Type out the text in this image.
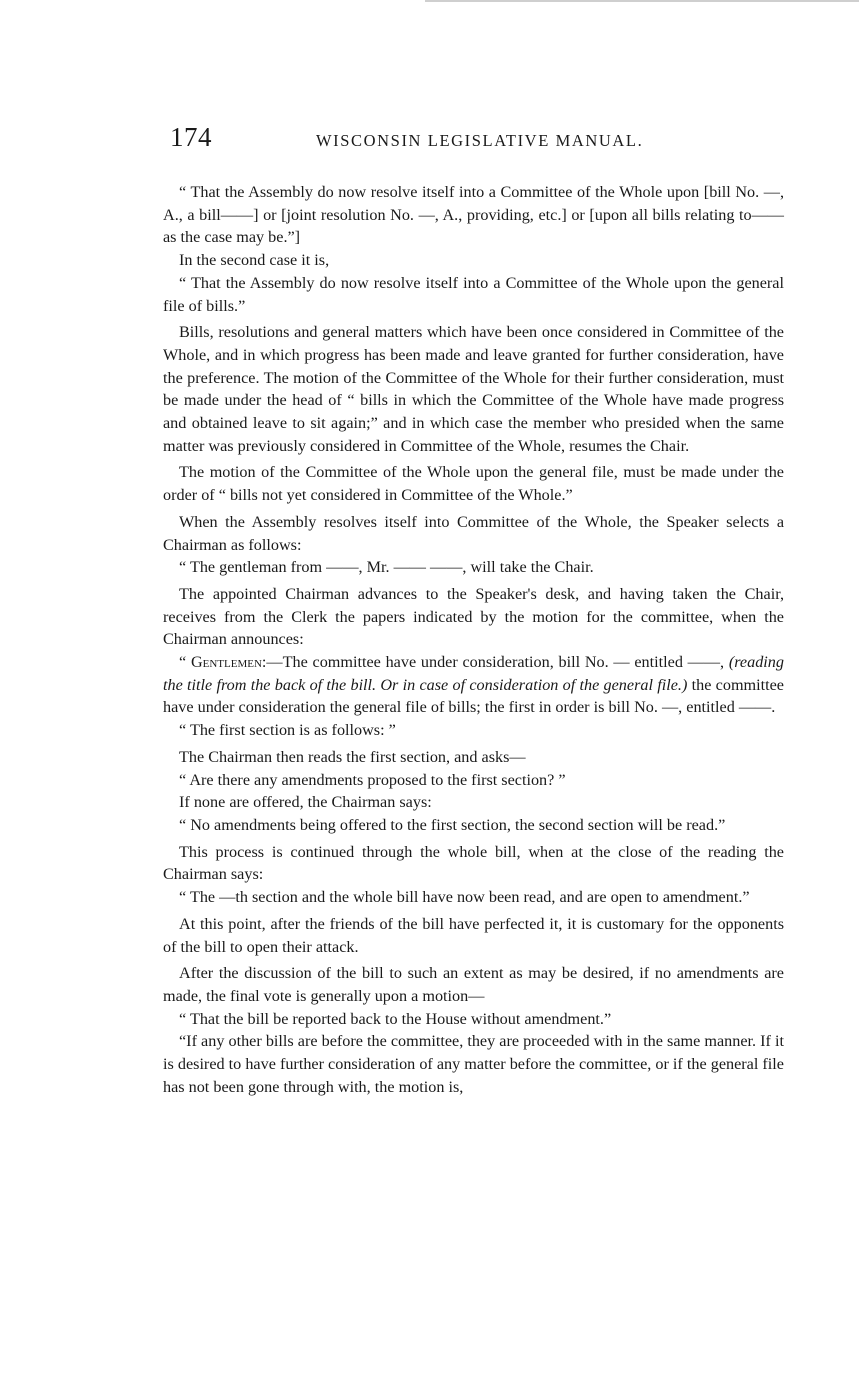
174	WISCONSIN LEGISLATIVE MANUAL.

“ That the Assembly do now resolve itself into a Committee of the Whole upon [bill No. —, A., a bill——] or [joint resolution No. —, A., providing, etc.] or [upon all bills relating to——as the case may be.”]

In the second case it is,

“ That the Assembly do now resolve itself into a Committee of the Whole upon the general file of bills.”

Bills, resolutions and general matters which have been once considered in Committee of the Whole, and in which progress has been made and leave granted for further consideration, have the preference. The motion of the Committee of the Whole for their further consideration, must be made under the head of “ bills in which the Committee of the Whole have made progress and obtained leave to sit again;” and in which case the member who presided when the same matter was previously considered in Committee of the Whole, resumes the Chair.

The motion of the Committee of the Whole upon the general file, must be made under the order of “ bills not yet considered in Committee of the Whole.”

When the Assembly resolves itself into Committee of the Whole, the Speaker selects a Chairman as follows:

“ The gentleman from ——, Mr. —— ——, will take the Chair.

The appointed Chairman advances to the Speaker's desk, and having taken the Chair, receives from the Clerk the papers indicated by the motion for the committee, when the Chairman announces:

“ Gentlemen:—The committee have under consideration, bill No. — entitled ——, (reading the title from the back of the bill. Or in case of consideration of the general file.) the committee have under consideration the general file of bills; the first in order is bill No. —, entitled ——.

“ The first section is as follows: ”

The Chairman then reads the first section, and asks—

“ Are there any amendments proposed to the first section? ”

If none are offered, the Chairman says:

“ No amendments being offered to the first section, the second section will be read.”

This process is continued through the whole bill, when at the close of the reading the Chairman says:

“ The —th section and the whole bill have now been read, and are open to amendment.”

At this point, after the friends of the bill have perfected it, it is customary for the opponents of the bill to open their attack.

After the discussion of the bill to such an extent as may be desired, if no amendments are made, the final vote is generally upon a motion—

“ That the bill be reported back to the House without amendment.”

“If any other bills are before the committee, they are proceeded with in the same manner. If it is desired to have further consideration of any matter before the committee, or if the general file has not been gone through with, the motion is,
